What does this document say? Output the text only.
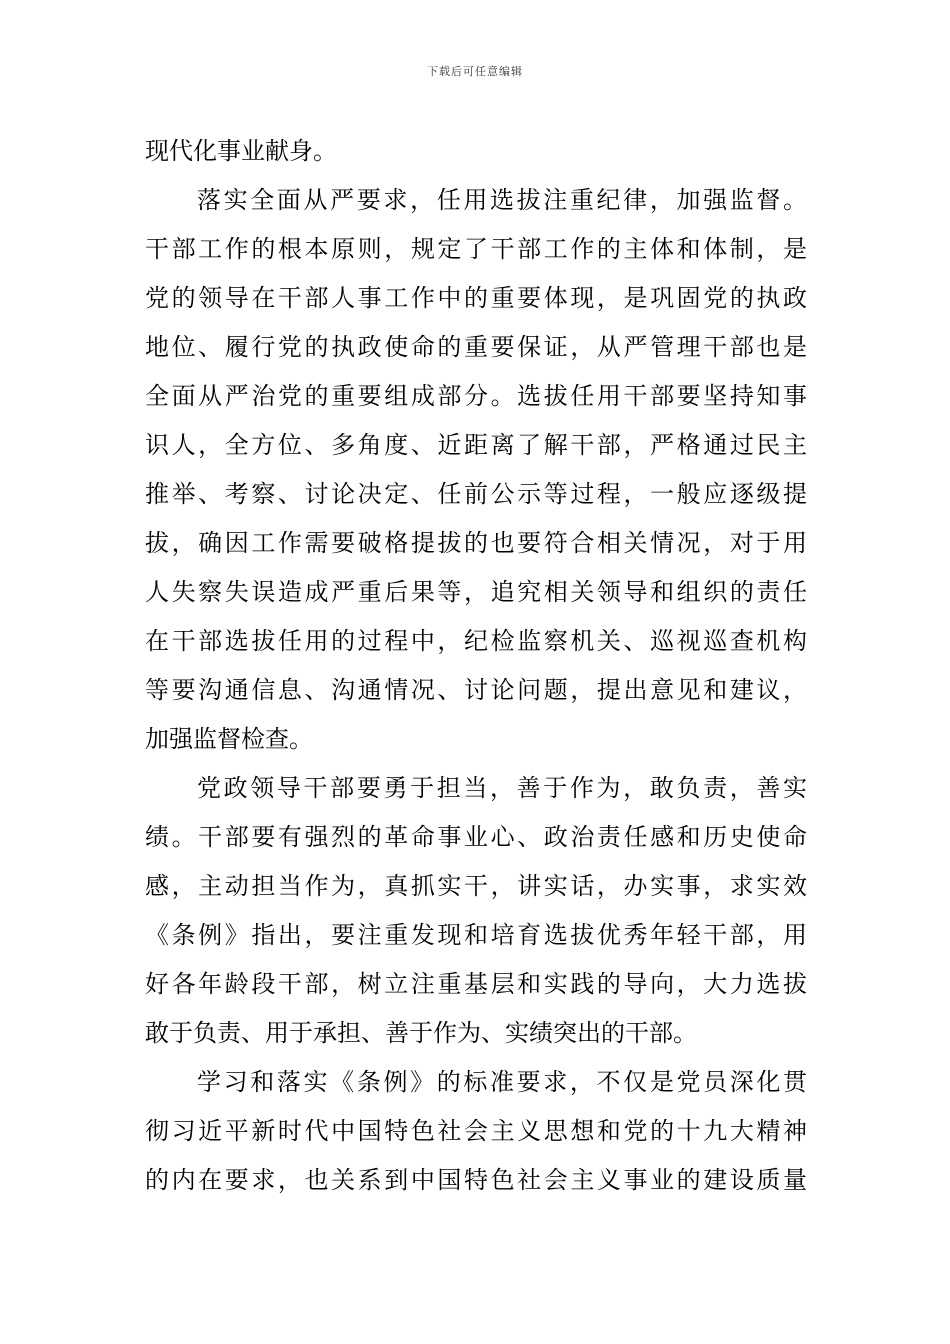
下载后可任意编辑
现代化事业献身。
落实全面从严要求，任用选拔注重纪律，加强监督。
干部工作的根本原则，规定了干部工作的主体和体制，是
党的领导在干部人事工作中的重要体现，是巩固党的执政
地位、履行党的执政使命的重要保证，从严管理干部也是
全面从严治党的重要组成部分。选拔任用干部要坚持知事
识人，全方位、多角度、近距离了解干部，严格通过民主
推举、考察、讨论决定、任前公示等过程，一般应逐级提
拔，确因工作需要破格提拔的也要符合相关情况，对于用
人失察失误造成严重后果等，追究相关领导和组织的责任
在干部选拔任用的过程中，纪检监察机关、巡视巡查机构
等要沟通信息、沟通情况、讨论问题，提出意见和建议，
加强监督检查。
党政领导干部要勇于担当，善于作为，敢负责，善实
绩。干部要有强烈的革命事业心、政治责任感和历史使命
感，主动担当作为，真抓实干，讲实话，办实事，求实效
《条例》指出，要注重发现和培育选拔优秀年轻干部，用
好各年龄段干部，树立注重基层和实践的导向，大力选拔
敢于负责、用于承担、善于作为、实绩突出的干部。
学习和落实《条例》的标准要求，不仅是党员深化贯
彻习近平新时代中国特色社会主义思想和党的十九大精神
的内在要求，也关系到中国特色社会主义事业的建设质量
